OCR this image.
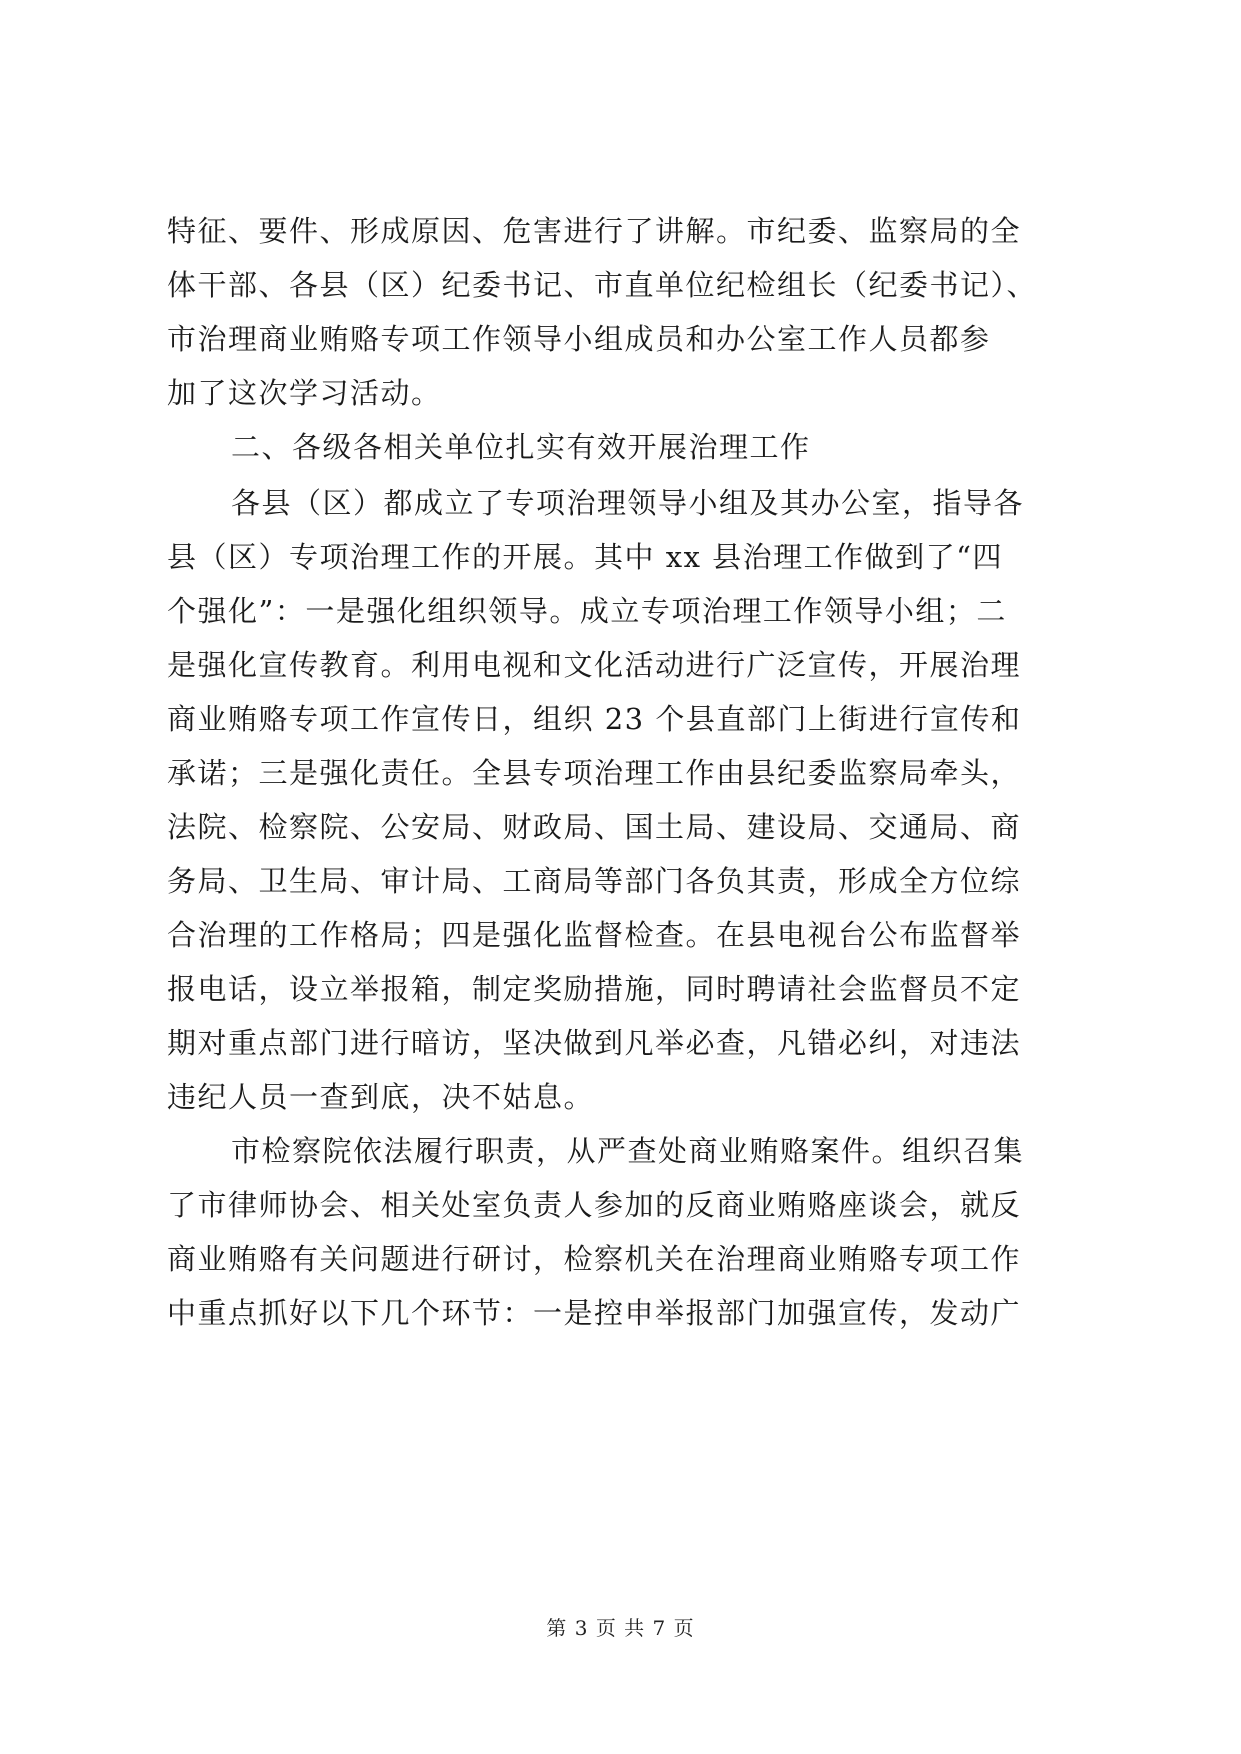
特征、要件、形成原因、危害进行了讲解。市纪委、监察局的全
体干部、各县（区）纪委书记、市直单位纪检组长（纪委书记）、
市治理商业贿赂专项工作领导小组成员和办公室工作人员都参
加了这次学习活动。
二、各级各相关单位扎实有效开展治理工作
各县（区）都成立了专项治理领导小组及其办公室，指导各
县（区）专项治理工作的开展。其中 xx 县治理工作做到了“四
个强化”：一是强化组织领导。成立专项治理工作领导小组；二
是强化宣传教育。利用电视和文化活动进行广泛宣传，开展治理
商业贿赂专项工作宣传日，组织 23 个县直部门上街进行宣传和
承诺；三是强化责任。全县专项治理工作由县纪委监察局牵头，
法院、检察院、公安局、财政局、国土局、建设局、交通局、商
务局、卫生局、审计局、工商局等部门各负其责，形成全方位综
合治理的工作格局；四是强化监督检查。在县电视台公布监督举
报电话，设立举报箱，制定奖励措施，同时聘请社会监督员不定
期对重点部门进行暗访，坚决做到凡举必查，凡错必纠，对违法
违纪人员一查到底，决不姑息。
市检察院依法履行职责，从严查处商业贿赂案件。组织召集
了市律师协会、相关处室负责人参加的反商业贿赂座谈会，就反
商业贿赂有关问题进行研讨，检察机关在治理商业贿赂专项工作
中重点抓好以下几个环节：一是控申举报部门加强宣传，发动广
第 3 页 共 7 页
